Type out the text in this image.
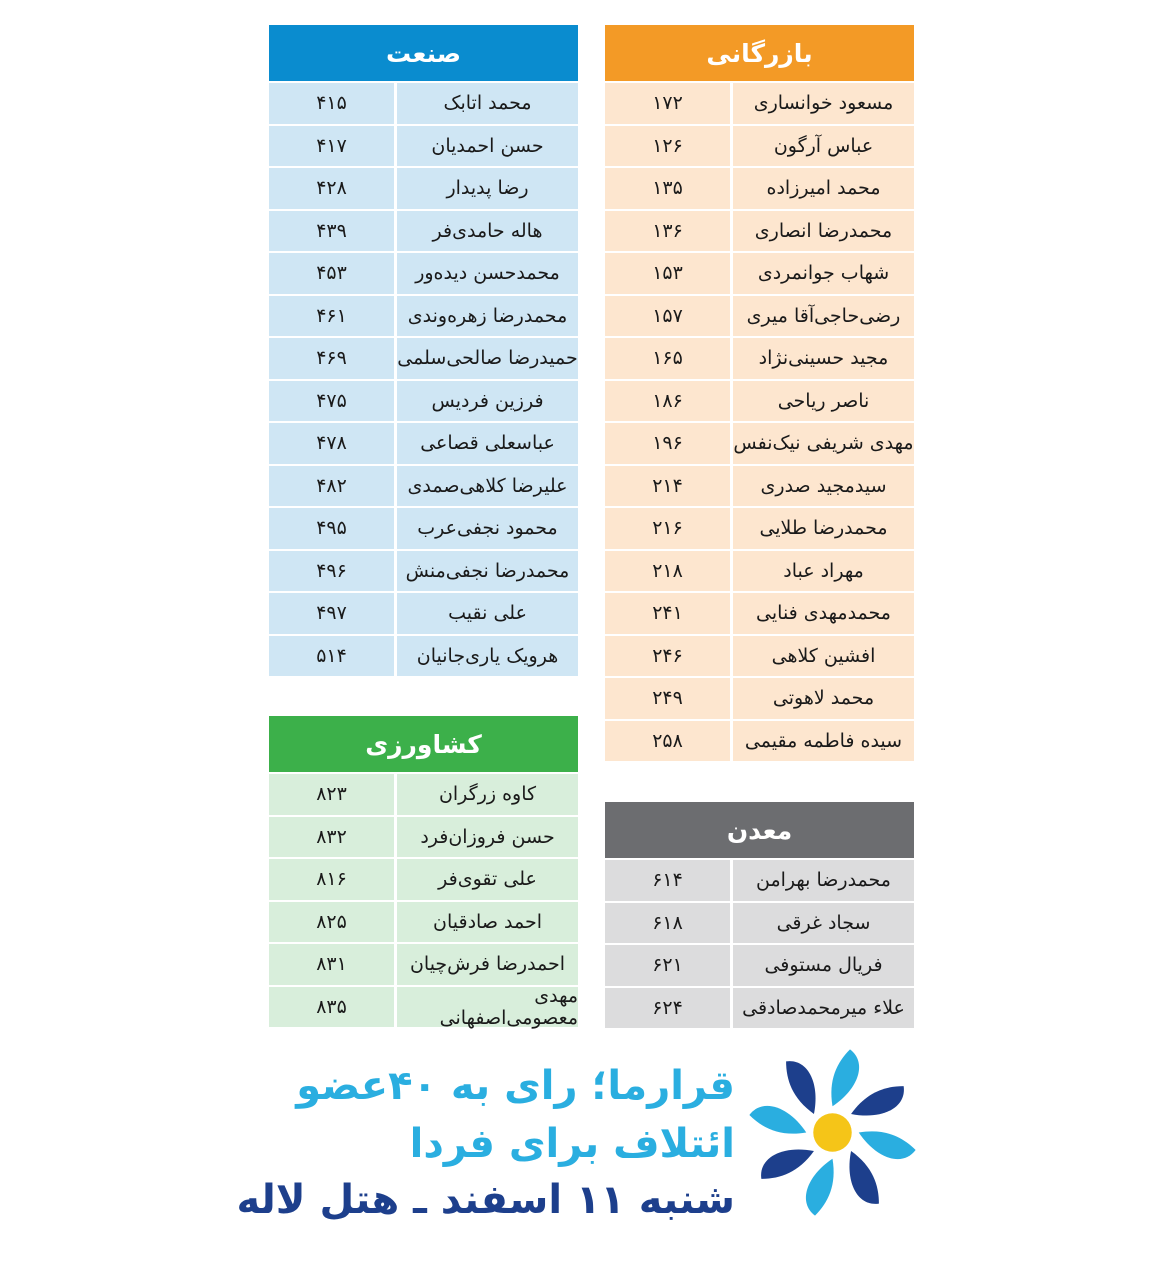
صنعت
محمد اتابک
۴۱۵
حسن احمدیان
۴۱۷
رضا پدیدار
۴۲۸
هاله حامدی‌فر
۴۳۹
محمدحسن دیده‌ور
۴۵۳
محمدرضا زهره‌وندی
۴۶۱
حمیدرضا صالحی‌سلمی
۴۶۹
فرزین فردیس
۴۷۵
عباسعلی قصاعی
۴۷۸
علیرضا کلاهی‌صمدی
۴۸۲
محمود نجفی‌عرب
۴۹۵
محمدرضا نجفی‌منش
۴۹۶
علی نقیب
۴۹۷
هرویک یاری‌جانیان
۵۱۴
بازرگانی
مسعود خوانساری
۱۷۲
عباس آرگون
۱۲۶
محمد امیرزاده
۱۳۵
محمدرضا انصاری
۱۳۶
شهاب جوانمردی
۱۵۳
رضی‌حاجی‌آقا میری
۱۵۷
مجید حسینی‌نژاد
۱۶۵
ناصر ریاحی
۱۸۶
مهدی شریفی نیک‌نفس
۱۹۶
سیدمجید صدری
۲۱۴
محمدرضا طلایی
۲۱۶
مهراد عباد
۲۱۸
محمدمهدی فنایی
۲۴۱
افشین کلاهی
۲۴۶
محمد لاهوتی
۲۴۹
سیده فاطمه مقیمی
۲۵۸
کشاورزی
کاوه زرگران
۸۲۳
حسن فروزان‌فرد
۸۳۲
علی تقوی‌فر
۸۱۶
احمد صادقیان
۸۲۵
احمدرضا فرش‌چیان
۸۳۱
مهدی معصومی‌اصفهانی
۸۳۵
معدن
محمدرضا بهرامن
۶۱۴
سجاد غرقی
۶۱۸
فریال مستوفی
۶۲۱
علاء میرمحمدصادقی
۶۲۴
قرارما؛ رای به ۴۰عضو
ائتلاف برای فردا
شنبه ۱۱ اسفند ـ هتل لاله
